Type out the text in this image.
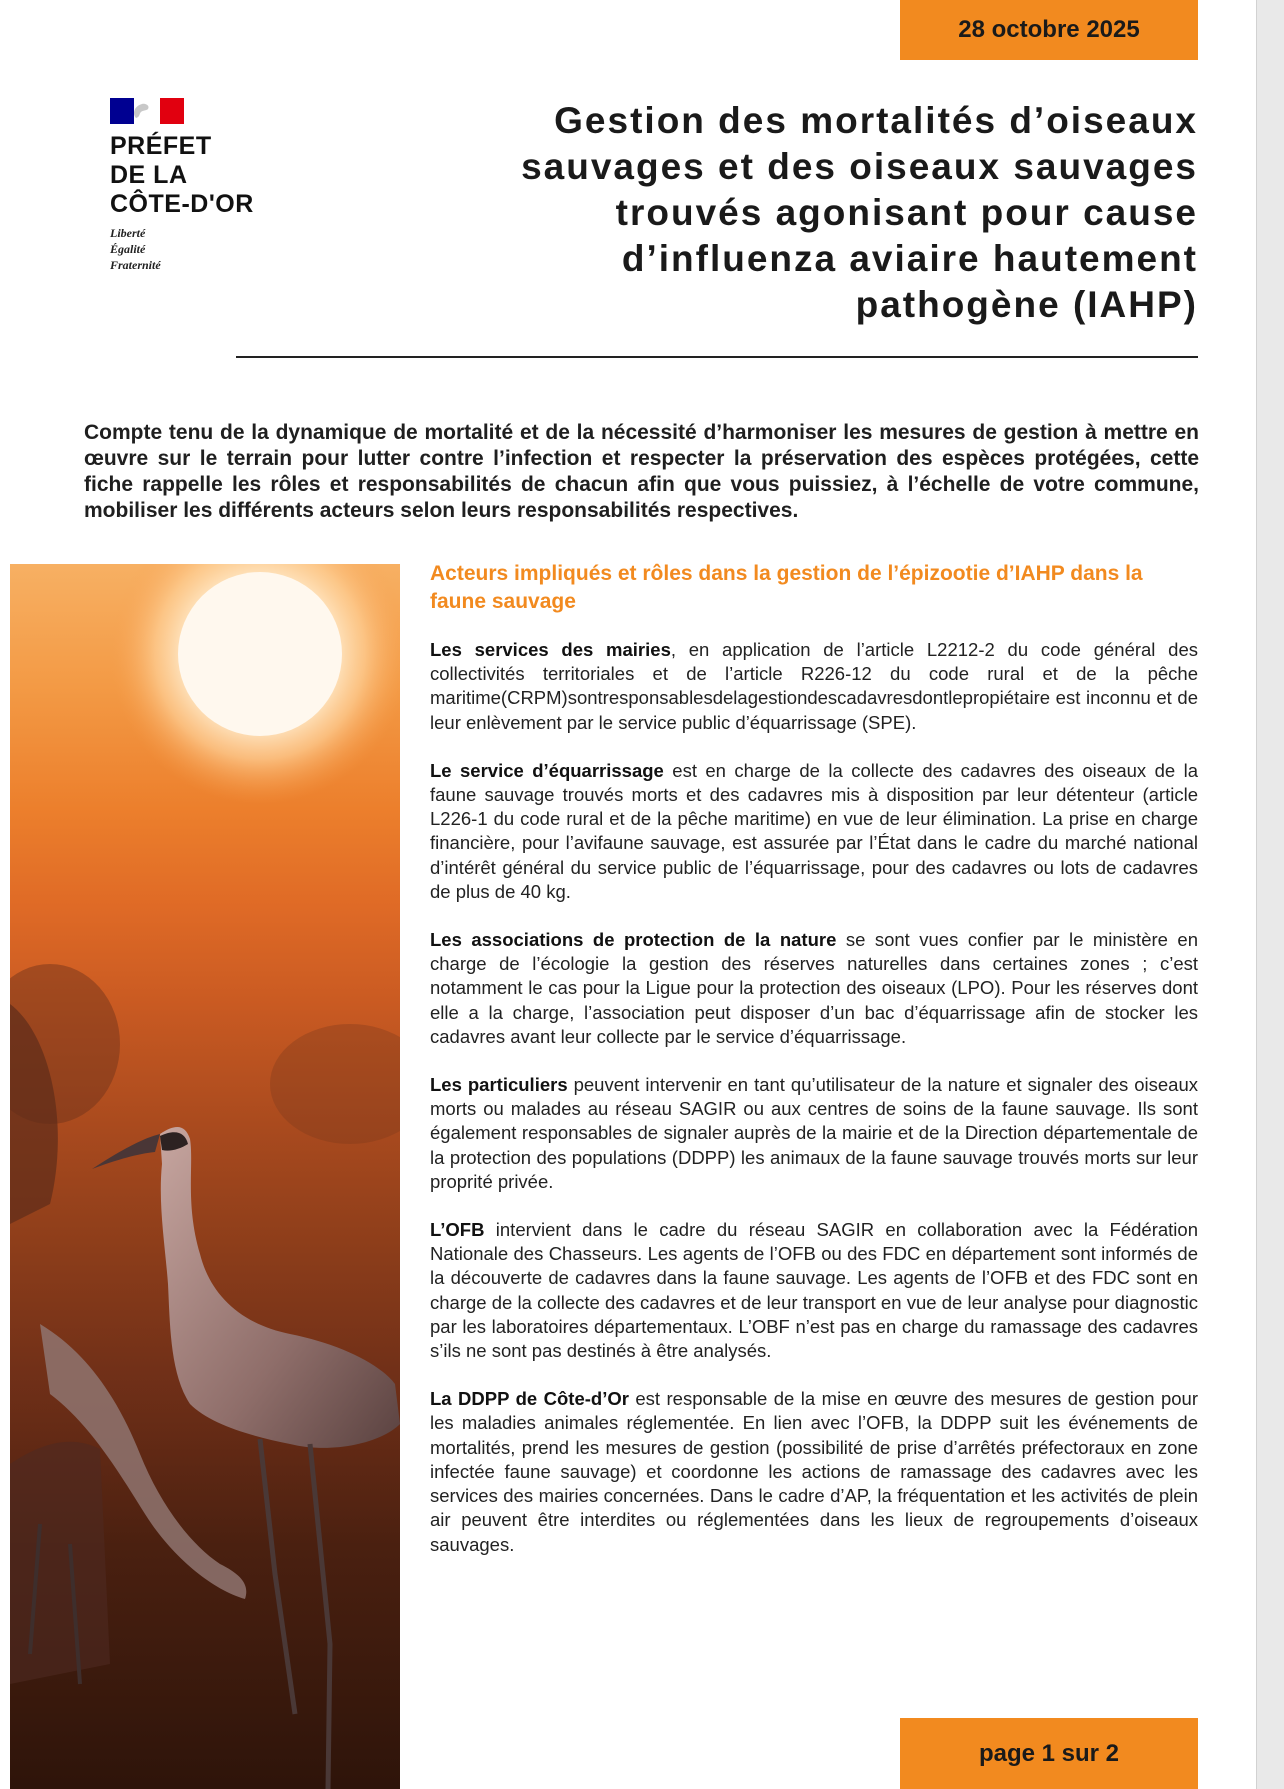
28 octobre 2025
PRÉFET
DE LA
CÔTE-D'OR
Liberté
Égalité
Fraternité
Gestion des mortalités d’oiseaux
sauvages et des oiseaux sauvages
trouvés agonisant pour cause
d’influenza aviaire hautement
pathogène (IAHP)

Compte tenu de la dynamique de mortalité et de la nécessité d’harmoniser les mesures de gestion à mettre en œuvre sur le terrain pour lutter contre l’infection et respecter la préservation des espèces protégées, cette fiche rappelle les rôles et responsabilités de chacun afin que vous puissiez, à l’échelle de votre commune, mobiliser les différents acteurs selon leurs responsabilités respectives.

Acteurs impliqués et rôles dans la gestion de l’épizootie d’IAHP dans la faune sauvage

Les services des mairies, en application de l’article L2212-2 du code général des collectivités territoriales et de l’article R226-12 du code rural et de la pêche maritime(CRPM)sontresponsablesdelagestiondescadavresdontlepropiétaire est inconnu et de leur enlèvement par le service public d’équarrissage (SPE).

Le service d’équarrissage est en charge de la collecte des cadavres des oiseaux de la faune sauvage trouvés morts et des cadavres mis à disposition par leur détenteur (article L226-1 du code rural et de la pêche maritime) en vue de leur élimination. La prise en charge financière, pour l’avifaune sauvage, est assurée par l’État dans le cadre du marché national d’intérêt général du service public de l’équarrissage, pour des cadavres ou lots de cadavres de plus de 40 kg.

Les associations de protection de la nature se sont vues confier par le ministère en charge de l’écologie la gestion des réserves naturelles dans certaines zones ; c’est notamment le cas pour la Ligue pour la protection des oiseaux (LPO). Pour les réserves dont elle a la charge, l’association peut disposer d’un bac d’équarrissage afin de stocker les cadavres avant leur collecte par le service d’équarrissage.

Les particuliers peuvent intervenir en tant qu’utilisateur de la nature et signaler des oiseaux morts ou malades au réseau SAGIR ou aux centres de soins de la faune sauvage. Ils sont également responsables de signaler auprès de la mairie et de la Direction départementale de la protection des populations (DDPP) les animaux de la faune sauvage trouvés morts sur leur proprité privée.

L’OFB intervient dans le cadre du réseau SAGIR en collaboration avec la Fédération Nationale des Chasseurs. Les agents de l’OFB ou des FDC en département sont informés de la découverte de cadavres dans la faune sauvage. Les agents de l’OFB et des FDC sont en charge de la collecte des cadavres et de leur transport en vue de leur analyse pour diagnostic par les laboratoires départementaux. L’OBF n’est pas en charge du ramassage des cadavres s’ils ne sont pas destinés à être analysés.

La DDPP de Côte-d’Or est responsable de la mise en œuvre des mesures de gestion pour les maladies animales réglementée. En lien avec l’OFB, la DDPP suit les événements de mortalités, prend les mesures de gestion (possibilité de prise d’arrêtés préfectoraux en zone infectée faune sauvage) et coordonne les actions de ramassage des cadavres avec les services des mairies concernées. Dans le cadre d’AP, la fréquentation et les activités de plein air peuvent être interdites ou réglementées dans les lieux de regroupements d’oiseaux sauvages.

page 1 sur 2
